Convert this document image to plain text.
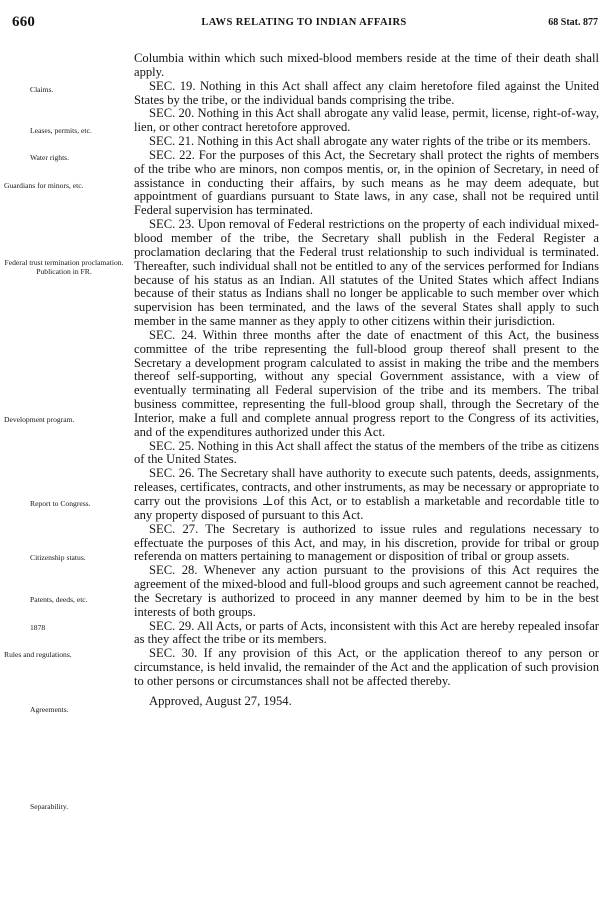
660	LAWS RELATING TO INDIAN AFFAIRS	68 Stat. 877
Claims.
Leases, permits, etc.
Water rights.
Guardians for minors, etc.
Federal trust termination proclamation. Publication in FR.
Development program.
Report to Congress.
Citizenship status.
Patents, deeds, etc.
1878
Rules and regulations.
Agreements.
Separability.

Columbia within which such mixed-blood members reside at the time of their death shall apply.

SEC. 19. Nothing in this Act shall affect any claim heretofore filed against the United States by the tribe, or the individual bands comprising the tribe.

SEC. 20. Nothing in this Act shall abrogate any valid lease, permit, license, right-of-way, lien, or other contract heretofore approved.

SEC. 21. Nothing in this Act shall abrogate any water rights of the tribe or its members.

SEC. 22. For the purposes of this Act, the Secretary shall protect the rights of members of the tribe who are minors, non compos mentis, or, in the opinion of Secretary, in need of assistance in conducting their affairs, by such means as he may deem adequate, but appointment of guardians pursuant to State laws, in any case, shall not be required until Federal supervision has terminated.

SEC. 23. Upon removal of Federal restrictions on the property of each individual mixed-blood member of the tribe, the Secretary shall publish in the Federal Register a proclamation declaring that the Federal trust relationship to such individual is terminated. Thereafter, such individual shall not be entitled to any of the services performed for Indians because of his status as an Indian. All statutes of the United States which affect Indians because of their status as Indians shall no longer be applicable to such member over which supervision has been terminated, and the laws of the several States shall apply to such member in the same manner as they apply to other citizens within their jurisdiction.

SEC. 24. Within three months after the date of enactment of this Act, the business committee of the tribe representing the full-blood group thereof shall present to the Secretary a development program calculated to assist in making the tribe and the members thereof self-supporting, without any special Government assistance, with a view of eventually terminating all Federal supervision of the tribe and its members. The tribal business committee, representing the full-blood group shall, through the Secretary of the Interior, make a full and complete annual progress report to the Congress of its activities, and of the expenditures authorized under this Act.

SEC. 25. Nothing in this Act shall affect the status of the members of the tribe as citizens of the United States.

SEC. 26. The Secretary shall have authority to execute such patents, deeds, assignments, releases, certificates, contracts, and other instruments, as may be necessary or appropriate to carry out the provisions ⊥of this Act, or to establish a marketable and recordable title to any property disposed of pursuant to this Act.

SEC. 27. The Secretary is authorized to issue rules and regulations necessary to effectuate the purposes of this Act, and may, in his discretion, provide for tribal or group referenda on matters pertaining to management or disposition of tribal or group assets.

SEC. 28. Whenever any action pursuant to the provisions of this Act requires the agreement of the mixed-blood and full-blood groups and such agreement cannot be reached, the Secretary is authorized to proceed in any manner deemed by him to be in the best interests of both groups.

SEC. 29. All Acts, or parts of Acts, inconsistent with this Act are hereby repealed insofar as they affect the tribe or its members.

SEC. 30. If any provision of this Act, or the application thereof to any person or circumstance, is held invalid, the remainder of the Act and the application of such provision to other persons or circumstances shall not be affected thereby.

Approved, August 27, 1954.
